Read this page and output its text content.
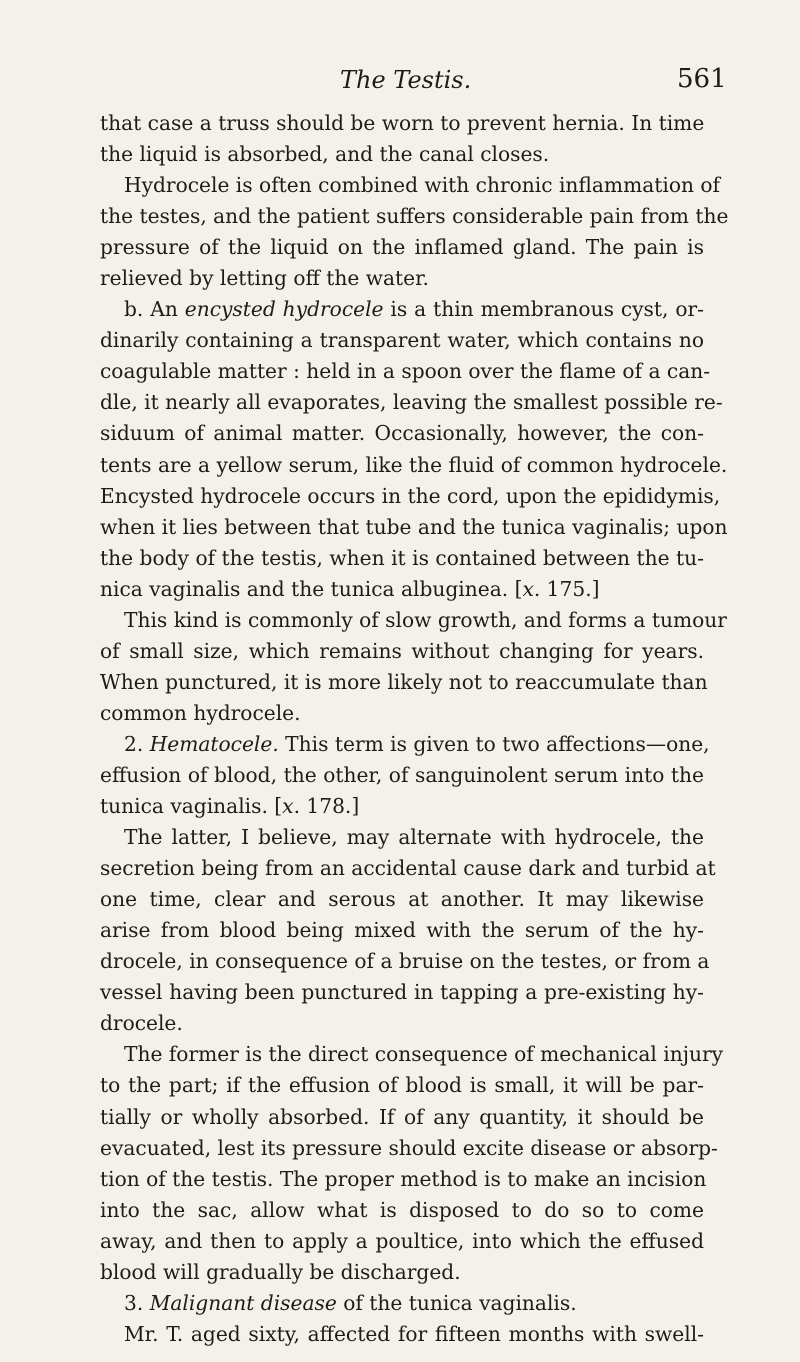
The Testis.	561
that case a truss should be worn to prevent hernia. In time
the liquid is absorbed, and the canal closes.
Hydrocele is often combined with chronic inflammation of
the testes, and the patient suffers considerable pain from the
pressure of the liquid on the inflamed gland. The pain is
relieved by letting off the water.
b. An encysted hydrocele is a thin membranous cyst, or-
dinarily containing a transparent water, which contains no
coagulable matter : held in a spoon over the flame of a can-
dle, it nearly all evaporates, leaving the smallest possible re-
siduum of animal matter. Occasionally, however, the con-
tents are a yellow serum, like the fluid of common hydrocele.
Encysted hydrocele occurs in the cord, upon the epididymis,
when it lies between that tube and the tunica vaginalis; upon
the body of the testis, when it is contained between the tu-
nica vaginalis and the tunica albuginea. [x. 175.]
This kind is commonly of slow growth, and forms a tumour
of small size, which remains without changing for years.
When punctured, it is more likely not to reaccumulate than
common hydrocele.
2. Hematocele. This term is given to two affections—one,
effusion of blood, the other, of sanguinolent serum into the
tunica vaginalis. [x. 178.]
The latter, I believe, may alternate with hydrocele, the
secretion being from an accidental cause dark and turbid at
one time, clear and serous at another. It may likewise
arise from blood being mixed with the serum of the hy-
drocele, in consequence of a bruise on the testes, or from a
vessel having been punctured in tapping a pre-existing hy-
drocele.
The former is the direct consequence of mechanical injury
to the part; if the effusion of blood is small, it will be par-
tially or wholly absorbed. If of any quantity, it should be
evacuated, lest its pressure should excite disease or absorp-
tion of the testis. The proper method is to make an incision
into the sac, allow what is disposed to do so to come
away, and then to apply a poultice, into which the effused
blood will gradually be discharged.
3. Malignant disease of the tunica vaginalis.
Mr. T. aged sixty, affected for fifteen months with swell-
